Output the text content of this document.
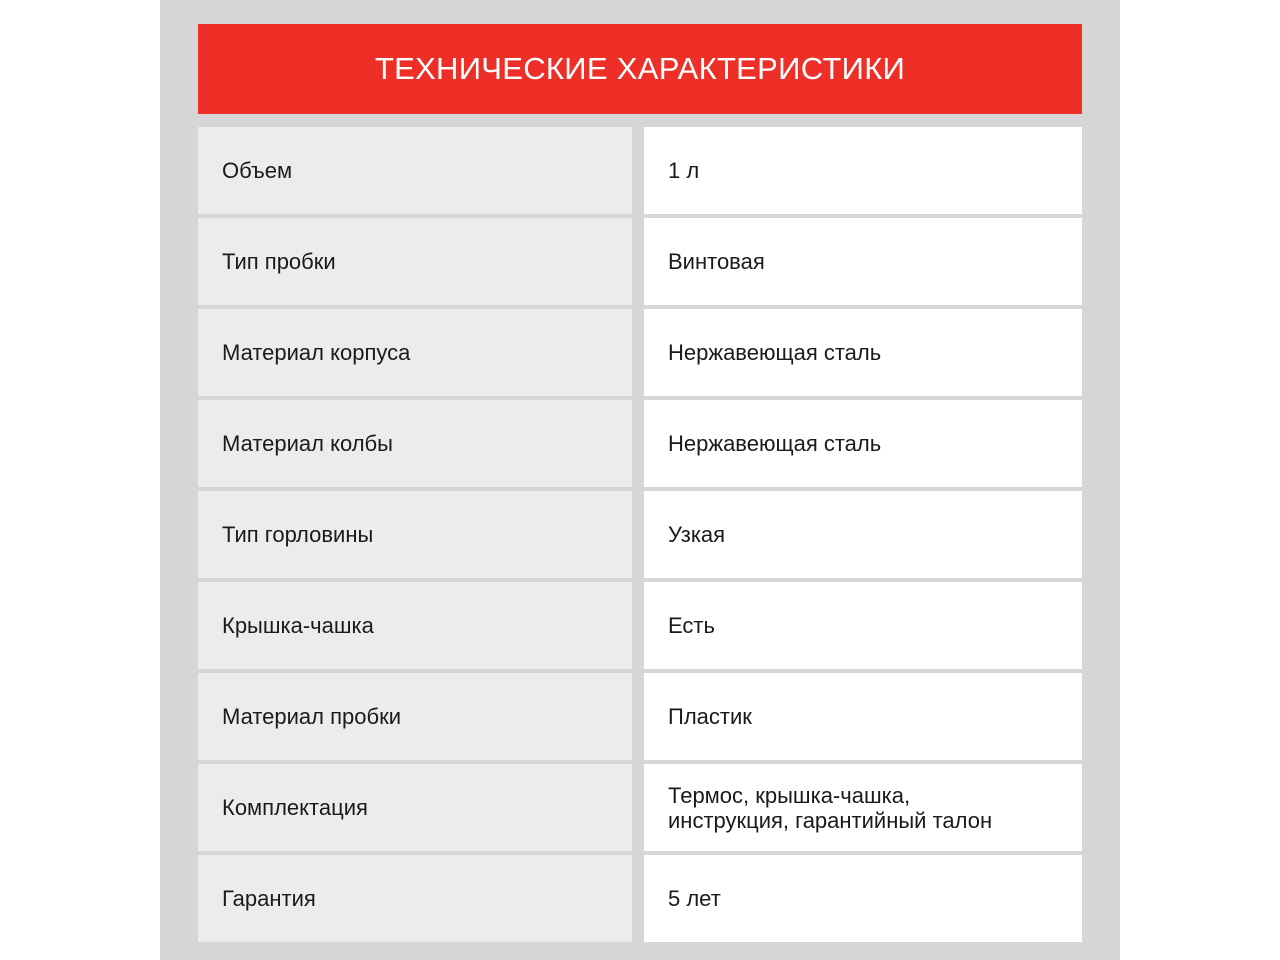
ТЕХНИЧЕСКИЕ ХАРАКТЕРИСТИКИ
Объем	1 л
Тип пробки	Винтовая
Материал корпуса	Нержавеющая сталь
Материал колбы	Нержавеющая сталь
Тип горловины	Узкая
Крышка-чашка	Есть
Материал пробки	Пластик
Комплектация	Термос, крышка-чашка,
инструкция, гарантийный талон
Гарантия	5 лет
